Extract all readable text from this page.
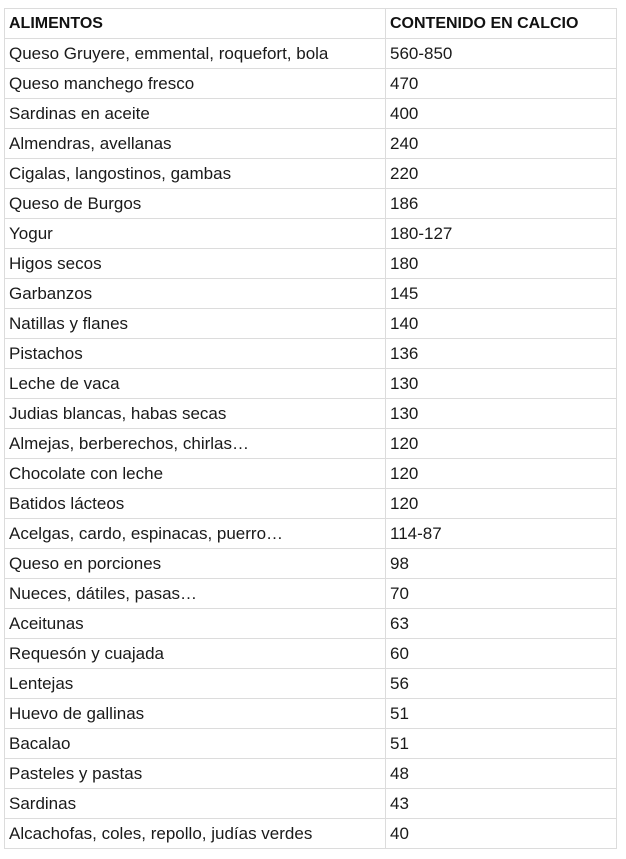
ALIMENTOS	CONTENIDO EN CALCIO
Queso Gruyere, emmental, roquefort, bola	560-850
Queso manchego fresco	470
Sardinas en aceite	400
Almendras, avellanas	240
Cigalas, langostinos, gambas	220
Queso de Burgos	186
Yogur	180-127
Higos secos	180
Garbanzos	145
Natillas y flanes	140
Pistachos	136
Leche de vaca	130
Judias blancas, habas secas	130
Almejas, berberechos, chirlas…	120
Chocolate con leche	120
Batidos lácteos	120
Acelgas, cardo, espinacas, puerro…	114-87
Queso en porciones	98
Nueces, dátiles, pasas…	70
Aceitunas	63
Requesón y cuajada	60
Lentejas	56
Huevo de gallinas	51
Bacalao	51
Pasteles y pastas	48
Sardinas	43
Alcachofas, coles, repollo, judías verdes	40
